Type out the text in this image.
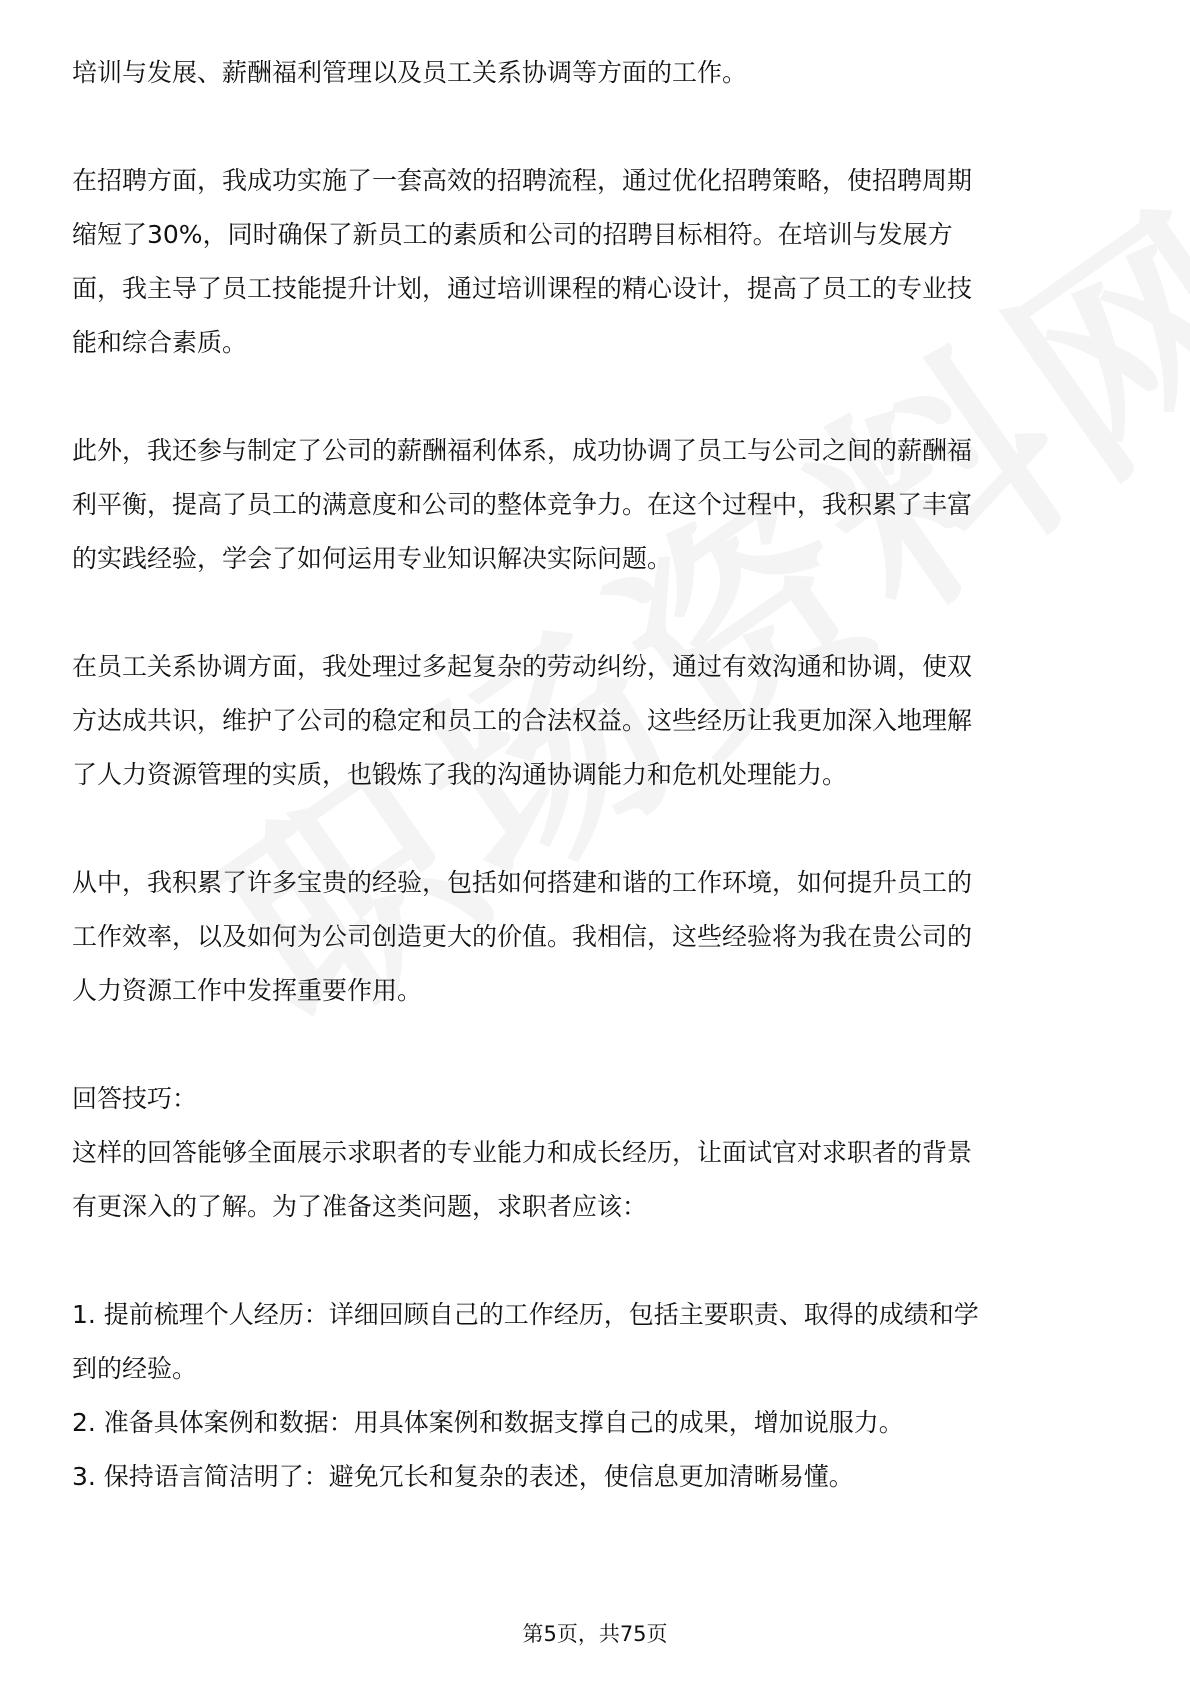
培训与发展、薪酬福利管理以及员工关系协调等方面的工作。

在招聘方面，我成功实施了一套高效的招聘流程，通过优化招聘策略，使招聘周期

缩短了30%，同时确保了新员工的素质和公司的招聘目标相符。在培训与发展方

面，我主导了员工技能提升计划，通过培训课程的精心设计，提高了员工的专业技

能和综合素质。

此外，我还参与制定了公司的薪酬福利体系，成功协调了员工与公司之间的薪酬福

利平衡，提高了员工的满意度和公司的整体竞争力。在这个过程中，我积累了丰富

的实践经验，学会了如何运用专业知识解决实际问题。

在员工关系协调方面，我处理过多起复杂的劳动纠纷，通过有效沟通和协调，使双

方达成共识，维护了公司的稳定和员工的合法权益。这些经历让我更加深入地理解

了人力资源管理的实质，也锻炼了我的沟通协调能力和危机处理能力。

从中，我积累了许多宝贵的经验，包括如何搭建和谐的工作环境，如何提升员工的

工作效率，以及如何为公司创造更大的价值。我相信，这些经验将为我在贵公司的

人力资源工作中发挥重要作用。

回答技巧：

这样的回答能够全面展示求职者的专业能力和成长经历，让面试官对求职者的背景

有更深入的了解。为了准备这类问题，求职者应该：

1. 提前梳理个人经历：详细回顾自己的工作经历，包括主要职责、取得的成绩和学

到的经验。

2. 准备具体案例和数据：用具体案例和数据支撑自己的成果，增加说服力。

3. 保持语言简洁明了：避免冗长和复杂的表述，使信息更加清晰易懂。

第5页，共75页
